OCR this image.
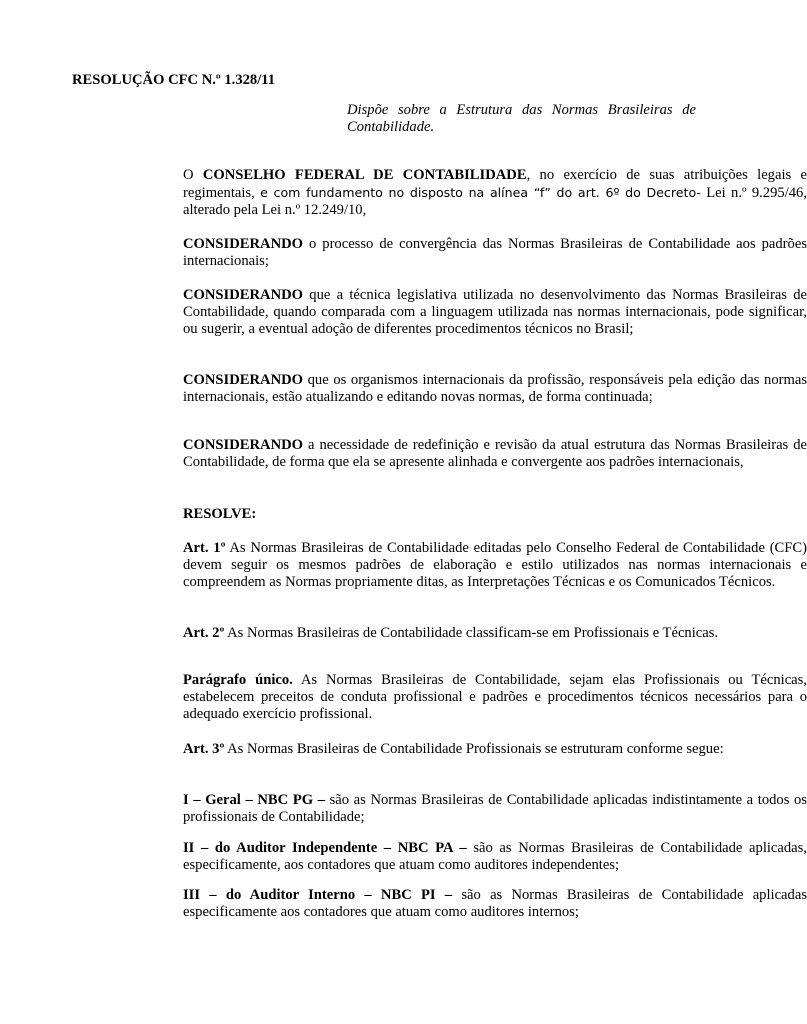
RESOLUÇÃO CFC N.º 1.328/11

Dispõe sobre a Estrutura das Normas Brasileiras de Contabilidade.

O CONSELHO FEDERAL DE CONTABILIDADE, no exercício de suas atribuições legais e regimentais, e com fundamento no disposto na alínea “f” do art. 6º do Decreto- Lei n.º 9.295/46, alterado pela Lei n.º 12.249/10,

CONSIDERANDO o processo de convergência das Normas Brasileiras de Contabilidade aos padrões internacionais;

CONSIDERANDO que a técnica legislativa utilizada no desenvolvimento das Normas Brasileiras de Contabilidade, quando comparada com a linguagem utilizada nas normas internacionais, pode significar, ou sugerir, a eventual adoção de diferentes procedimentos técnicos no Brasil;

CONSIDERANDO que os organismos internacionais da profissão, responsáveis pela edição das normas internacionais, estão atualizando e editando novas normas, de forma continuada;

CONSIDERANDO a necessidade de redefinição e revisão da atual estrutura das Normas Brasileiras de Contabilidade, de forma que ela se apresente alinhada e convergente aos padrões internacionais,

RESOLVE:

Art. 1º As Normas Brasileiras de Contabilidade editadas pelo Conselho Federal de Contabilidade (CFC) devem seguir os mesmos padrões de elaboração e estilo utilizados nas normas internacionais e compreendem as Normas propriamente ditas, as Interpretações Técnicas e os Comunicados Técnicos.

Art. 2º As Normas Brasileiras de Contabilidade classificam-se em Profissionais e Técnicas.

Parágrafo único. As Normas Brasileiras de Contabilidade, sejam elas Profissionais ou Técnicas, estabelecem preceitos de conduta profissional e padrões e procedimentos técnicos necessários para o adequado exercício profissional.

Art. 3º As Normas Brasileiras de Contabilidade Profissionais se estruturam conforme segue:

I – Geral – NBC PG – são as Normas Brasileiras de Contabilidade aplicadas indistintamente a todos os profissionais de Contabilidade;

II – do Auditor Independente – NBC PA – são as Normas Brasileiras de Contabilidade aplicadas, especificamente, aos contadores que atuam como auditores independentes;

III – do Auditor Interno – NBC PI – são as Normas Brasileiras de Contabilidade aplicadas especificamente aos contadores que atuam como auditores internos;
